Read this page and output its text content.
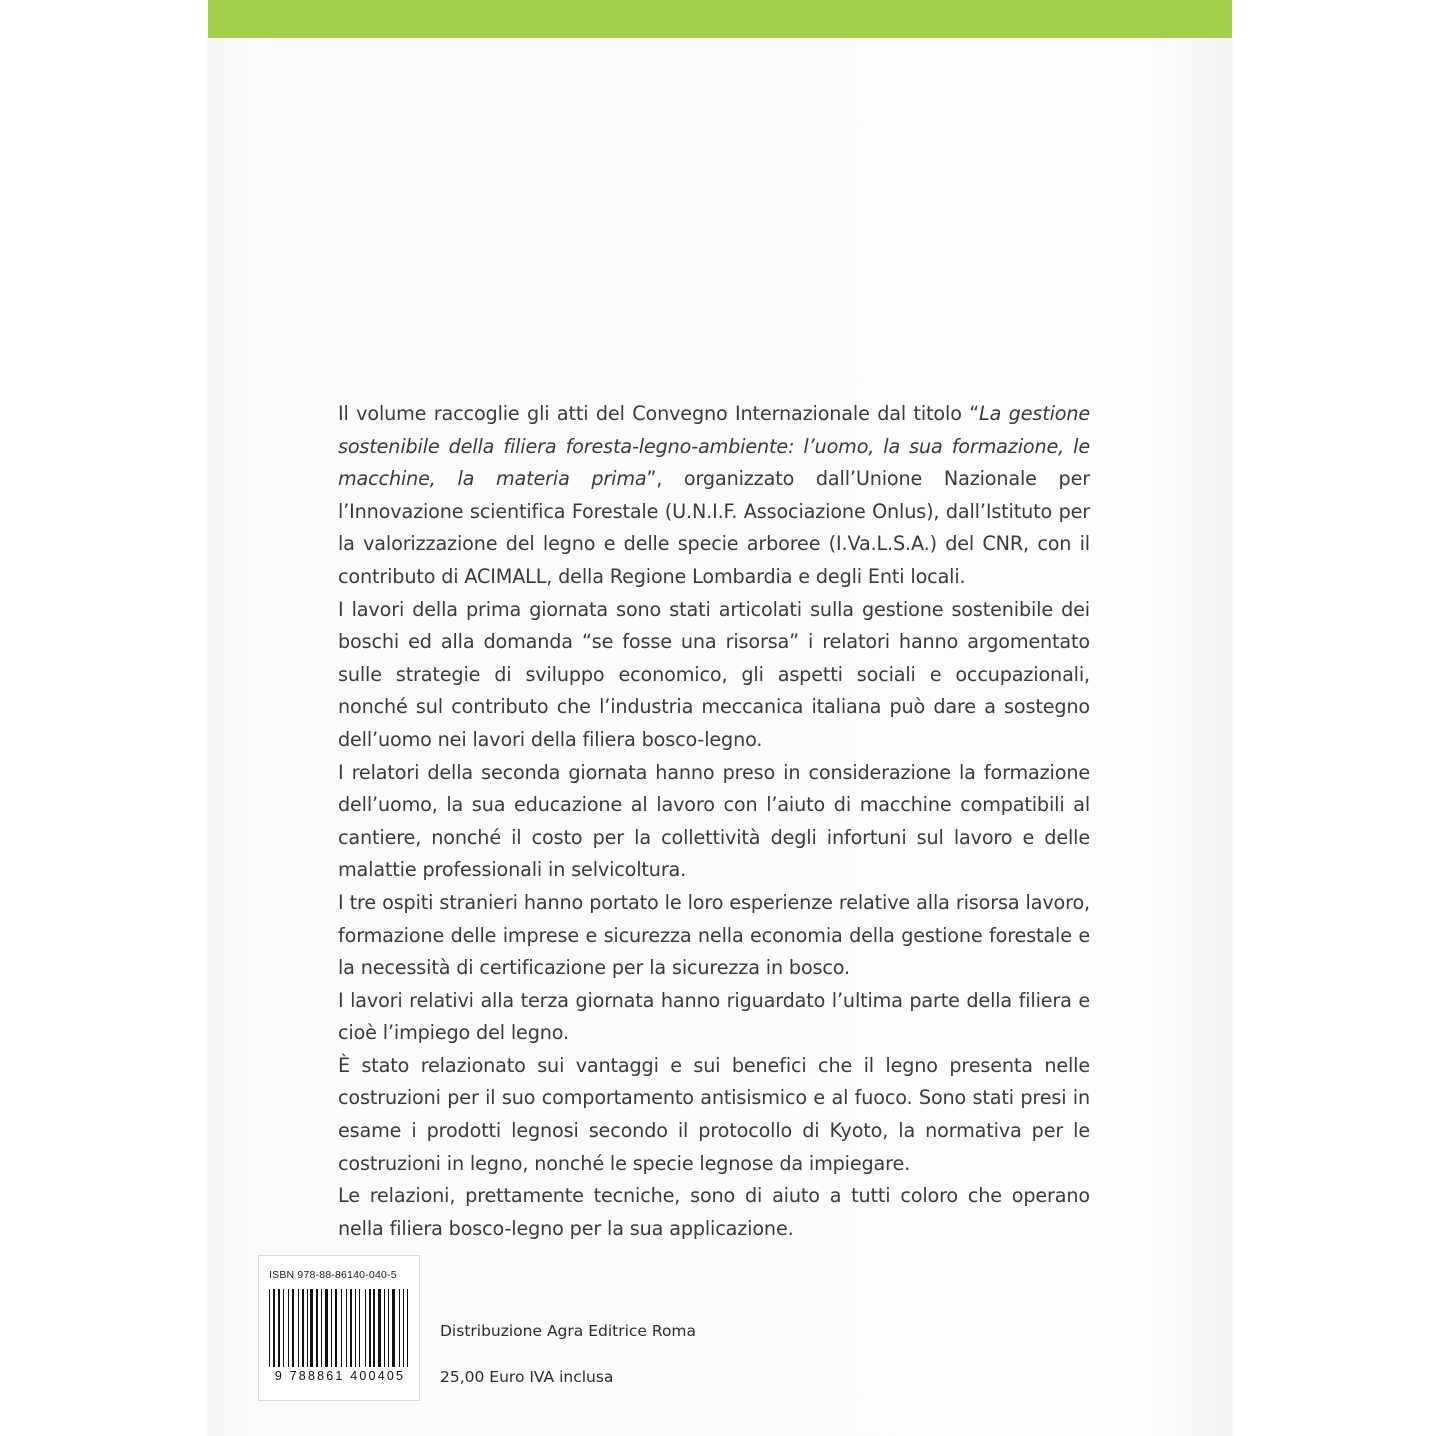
Il volume raccoglie gli atti del Convegno Internazionale dal titolo “La gestione sostenibile della filiera foresta-legno-ambiente: l’uomo, la sua formazione, le macchine, la materia prima”, organizzato dall’Unione Nazionale per l’Innovazione scientifica Forestale (U.N.I.F. Associazione Onlus), dall’Istituto per la valorizzazione del legno e delle specie arboree (I.Va.L.S.A.) del CNR, con il contributo di ACIMALL, della Regione Lombardia e degli Enti locali.

I lavori della prima giornata sono stati articolati sulla gestione sostenibile dei boschi ed alla domanda “se fosse una risorsa” i relatori hanno argomentato sulle strategie di sviluppo economico, gli aspetti sociali e occupazionali, nonché sul contributo che l’industria meccanica italiana può dare a sostegno dell’uomo nei lavori della filiera bosco-legno.

I relatori della seconda giornata hanno preso in considerazione la formazione dell’uomo, la sua educazione al lavoro con l’aiuto di macchine compatibili al cantiere, nonché il costo per la collettività degli infortuni sul lavoro e delle malattie professionali in selvicoltura.

I tre ospiti stranieri hanno portato le loro esperienze relative alla risorsa lavoro, formazione delle imprese e sicurezza nella economia della gestione forestale e la necessità di certificazione per la sicurezza in bosco.

I lavori relativi alla terza giornata hanno riguardato l’ultima parte della filiera e cioè l’impiego del legno.

È stato relazionato sui vantaggi e sui benefici che il legno presenta nelle costruzioni per il suo comportamento antisismico e al fuoco. Sono stati presi in esame i prodotti legnosi secondo il protocollo di Kyoto, la normativa per le costruzioni in legno, nonché le specie legnose da impiegare.

Le relazioni, prettamente tecniche, sono di aiuto a tutti coloro che operano nella filiera bosco-legno per la sua applicazione.

ISBN 978-88-86140-040-5
9 788861 400405
Distribuzione Agra Editrice Roma
25,00 Euro IVA inclusa
